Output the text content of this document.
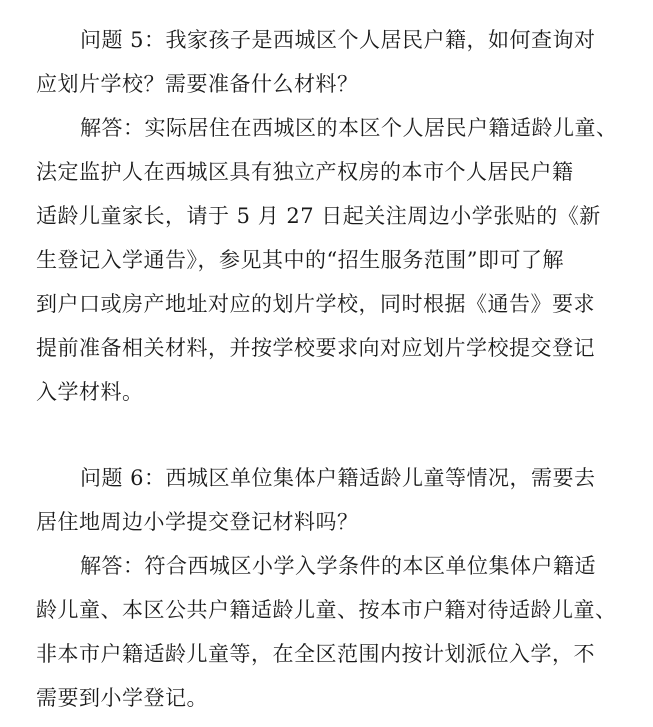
问题 5：我家孩子是西城区个人居民户籍，如何查询对
应划片学校？需要准备什么材料？
解答：实际居住在西城区的本区个人居民户籍适龄儿童、
法定监护人在西城区具有独立产权房的本市个人居民户籍
适龄儿童家长，请于 5 月 27 日起关注周边小学张贴的《新
生登记入学通告》，参见其中的“招生服务范围”即可了解
到户口或房产地址对应的划片学校，同时根据《通告》要求
提前准备相关材料，并按学校要求向对应划片学校提交登记
入学材料。
问题 6：西城区单位集体户籍适龄儿童等情况，需要去
居住地周边小学提交登记材料吗？
解答：符合西城区小学入学条件的本区单位集体户籍适
龄儿童、本区公共户籍适龄儿童、按本市户籍对待适龄儿童、
非本市户籍适龄儿童等，在全区范围内按计划派位入学，不
需要到小学登记。
